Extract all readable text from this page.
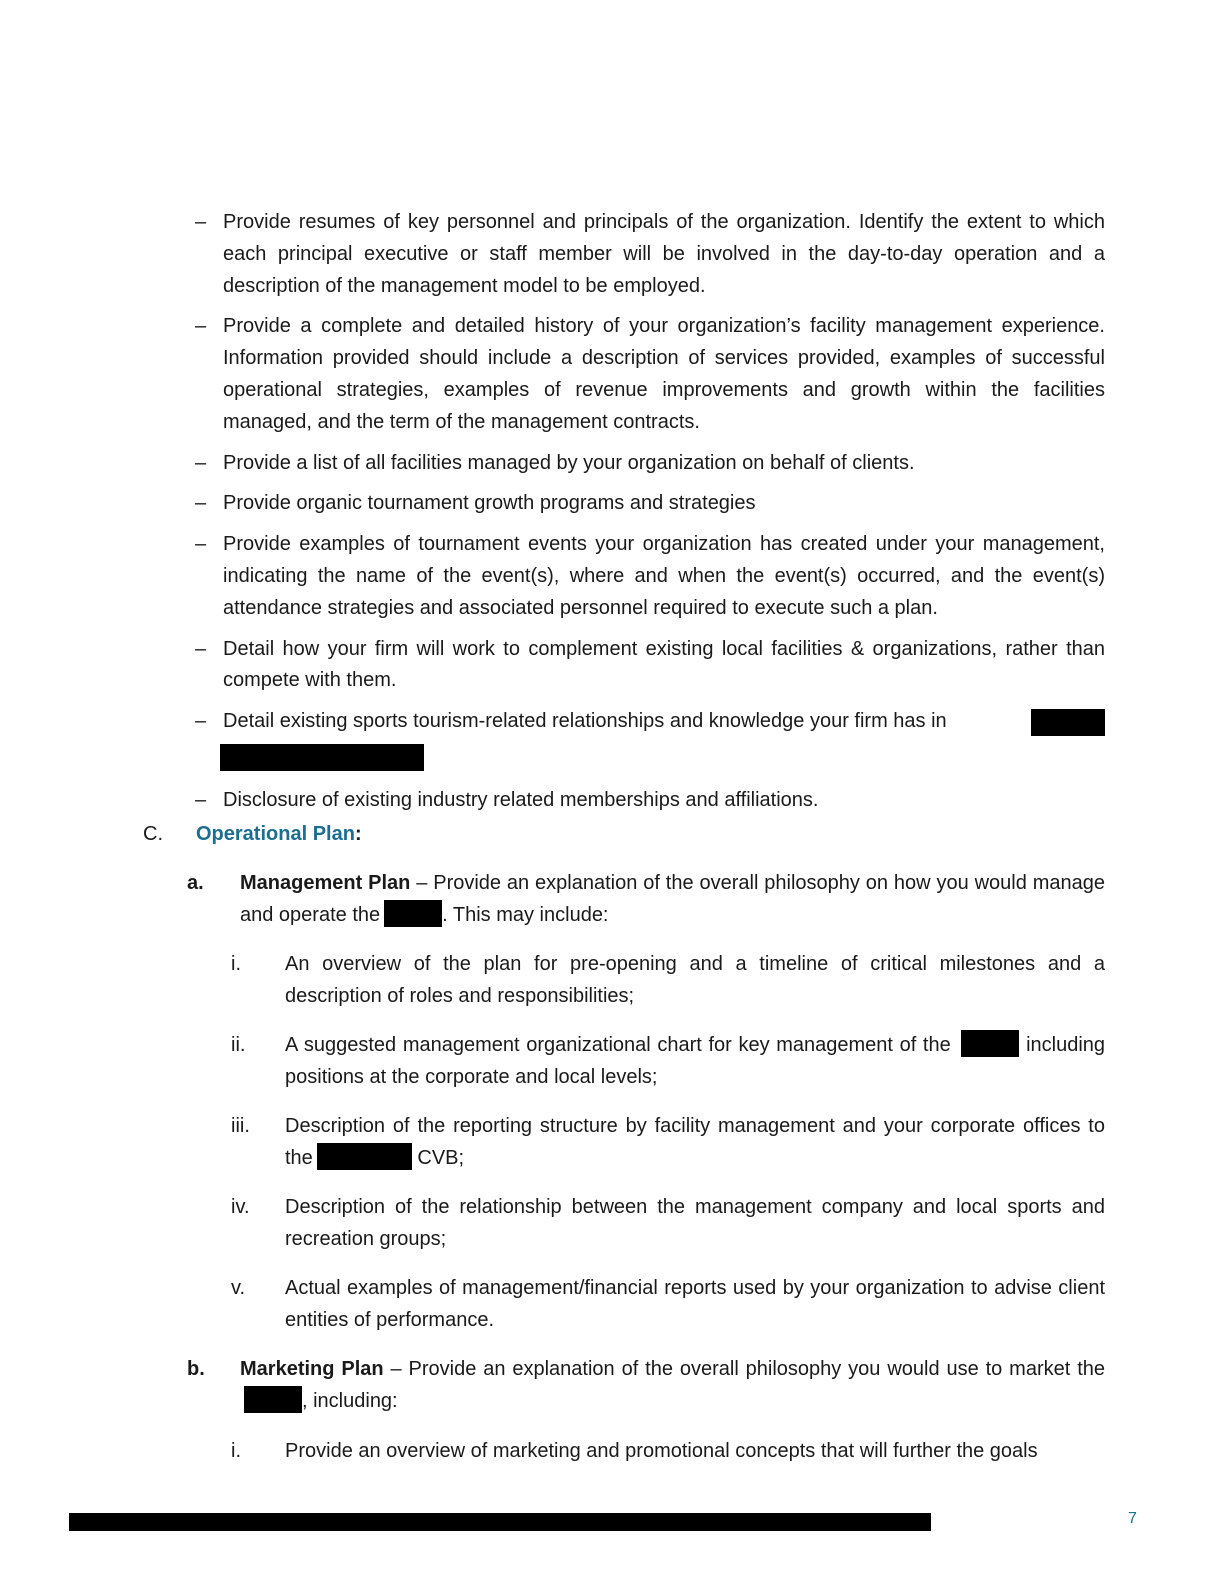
– Provide resumes of key personnel and principals of the organization. Identify the extent to which each principal executive or staff member will be involved in the day-to-day operation and a description of the management model to be employed.
– Provide a complete and detailed history of your organization’s facility management experience. Information provided should include a description of services provided, examples of successful operational strategies, examples of revenue improvements and growth within the facilities managed, and the term of the management contracts.
– Provide a list of all facilities managed by your organization on behalf of clients.
– Provide organic tournament growth programs and strategies
– Provide examples of tournament events your organization has created under your management, indicating the name of the event(s), where and when the event(s) occurred, and the event(s) attendance strategies and associated personnel required to execute such a plan.
– Detail how your firm will work to complement existing local facilities & organizations, rather than compete with them.
– Detail existing sports tourism-related relationships and knowledge your firm has in

– Disclosure of existing industry related memberships and affiliations.
C. Operational Plan:
a. Management Plan – Provide an explanation of the overall philosophy on how you would manage and operate the	. This may include:
i. An overview of the plan for pre-opening and a timeline of critical milestones and a description of roles and responsibilities;
ii. A suggested management organizational chart for key management of the	including positions at the corporate and local levels;
iii. Description of the reporting structure by facility management and your corporate offices to the	CVB;
iv. Description of the relationship between the management company and local sports and recreation groups;
v. Actual examples of management/financial reports used by your organization to advise client entities of performance.
b. Marketing Plan – Provide an explanation of the overall philosophy you would use to market the, including:
i. Provide an overview of marketing and promotional concepts that will further the goals
7
